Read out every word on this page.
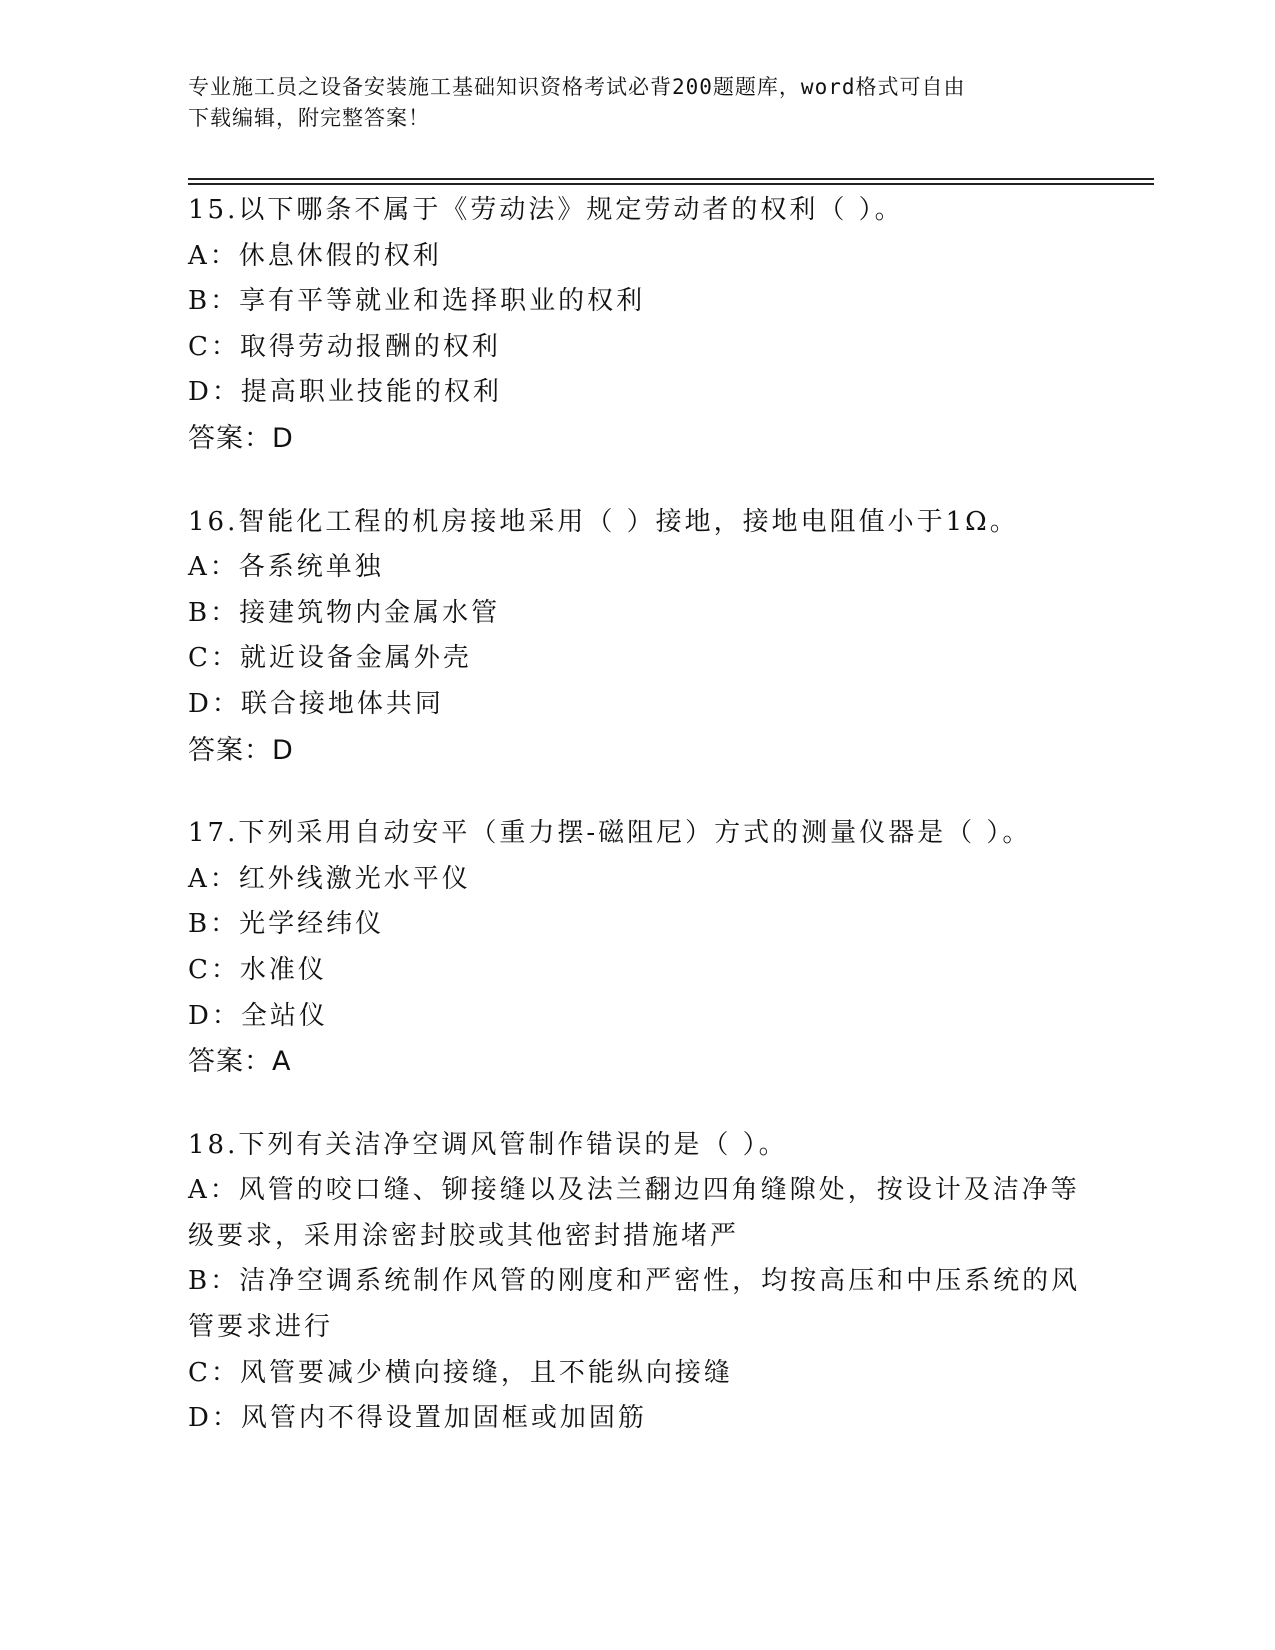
专业施工员之设备安装施工基础知识资格考试必背200题题库，word格式可自由
下载编辑，附完整答案！
15.以下哪条不属于《劳动法》规定劳动者的权利（ ）。
A：休息休假的权利
B：享有平等就业和选择职业的权利
C：取得劳动报酬的权利
D：提高职业技能的权利
答案：D
16.智能化工程的机房接地采用（ ）接地，接地电阻值小于1Ω。
A：各系统单独
B：接建筑物内金属水管
C：就近设备金属外壳
D：联合接地体共同
答案：D
17.下列采用自动安平（重力摆-磁阻尼）方式的测量仪器是（ ）。
A：红外线激光水平仪
B：光学经纬仪
C：水准仪
D：全站仪
答案：A
18.下列有关洁净空调风管制作错误的是（ ）。
A：风管的咬口缝、铆接缝以及法兰翻边四角缝隙处，按设计及洁净等级要求，采用涂密封胶或其他密封措施堵严
B：洁净空调系统制作风管的刚度和严密性，均按高压和中压系统的风管要求进行
C：风管要减少横向接缝，且不能纵向接缝
D：风管内不得设置加固框或加固筋
